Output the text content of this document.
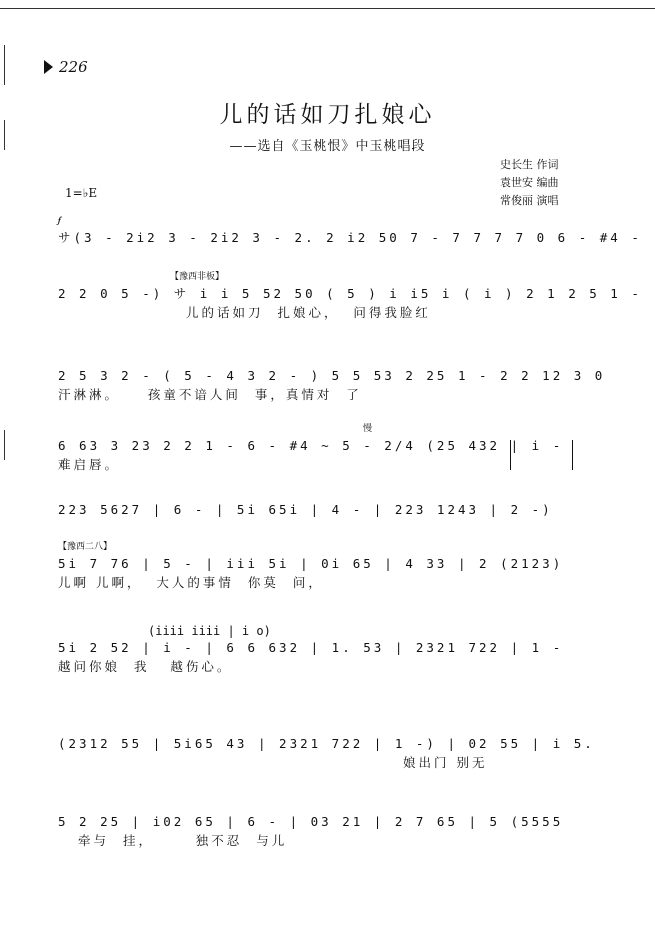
226
儿的话如刀扎娘心
——选自《玉桃恨》中玉桃唱段
史长生 作词
袁世安 编曲
常俊丽 演唱
1=♭E
𝆑
サ(3 - 2i2 3 - 2i2 3 - 2. 2 i2 50 7 - 7 7 7 7 0 6 - #4 -
【豫西非板】
2 2 0 5 -) サ i i 5 52 50 ( 5 ) i i5 i ( i ) 2 1 2 5 1 -
儿的话如刀  扎娘心，  问得我脸红
2 5 3 2 - ( 5 - 4 3 2 - ) 5 5 53 2 25 1 - 2 2 12 3 0
汗淋淋。    孩童不谙人间  事，真情对  了
慢
6 63 3 23 2 2 1 - 6 - #4 ~ 5 - 2/4 (25 432 | i -
难启唇。
223 5627 | 6 - | 5i 65i | 4 - | 223 1243 | 2 -)
【豫西二八】
5i 7 76 | 5 - | iii 5i | 0i 65 | 4 33 | 2 (2123)
儿啊 儿啊，  大人的事情  你莫  问，
(iiii iiii | i o)
5i 2 52 | i - | 6 6 632 | 1. 53 | 2321 722 | 1 -
越问你娘  我   越伤心。
(2312 55 | 5i65 43 | 2321 722 | 1 -) | 02 55 | i 5.
娘出门 别无
5 2 25 | i02 65 | 6 - | 03 21 | 2 7 65 | 5 (5555
牵与  挂，      独不忍  与儿
